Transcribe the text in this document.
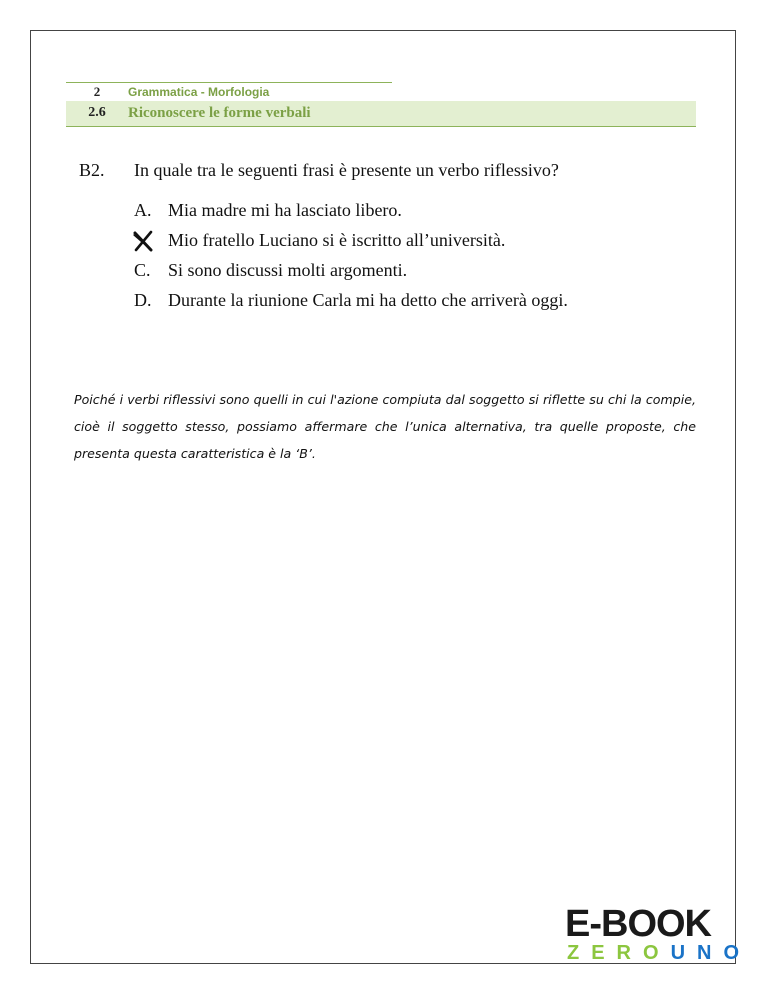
2	Grammatica - Morfologia
2.6	Riconoscere le forme verbali
B2. In quale tra le seguenti frasi è presente un verbo riflessivo?
A. Mia madre mi ha lasciato libero.
Mio fratello Luciano si è iscritto all’università.
C. Si sono discussi molti argomenti.
D. Durante la riunione Carla mi ha detto che arriverà oggi.
Poiché i verbi riflessivi sono quelli in cui l'azione compiuta dal soggetto si riflette su chi la compie, cioè il soggetto stesso, possiamo affermare che l’unica alternativa, tra quelle proposte, che presenta questa caratteristica è la ‘B’.
E-BOOK
ZEROUNO
